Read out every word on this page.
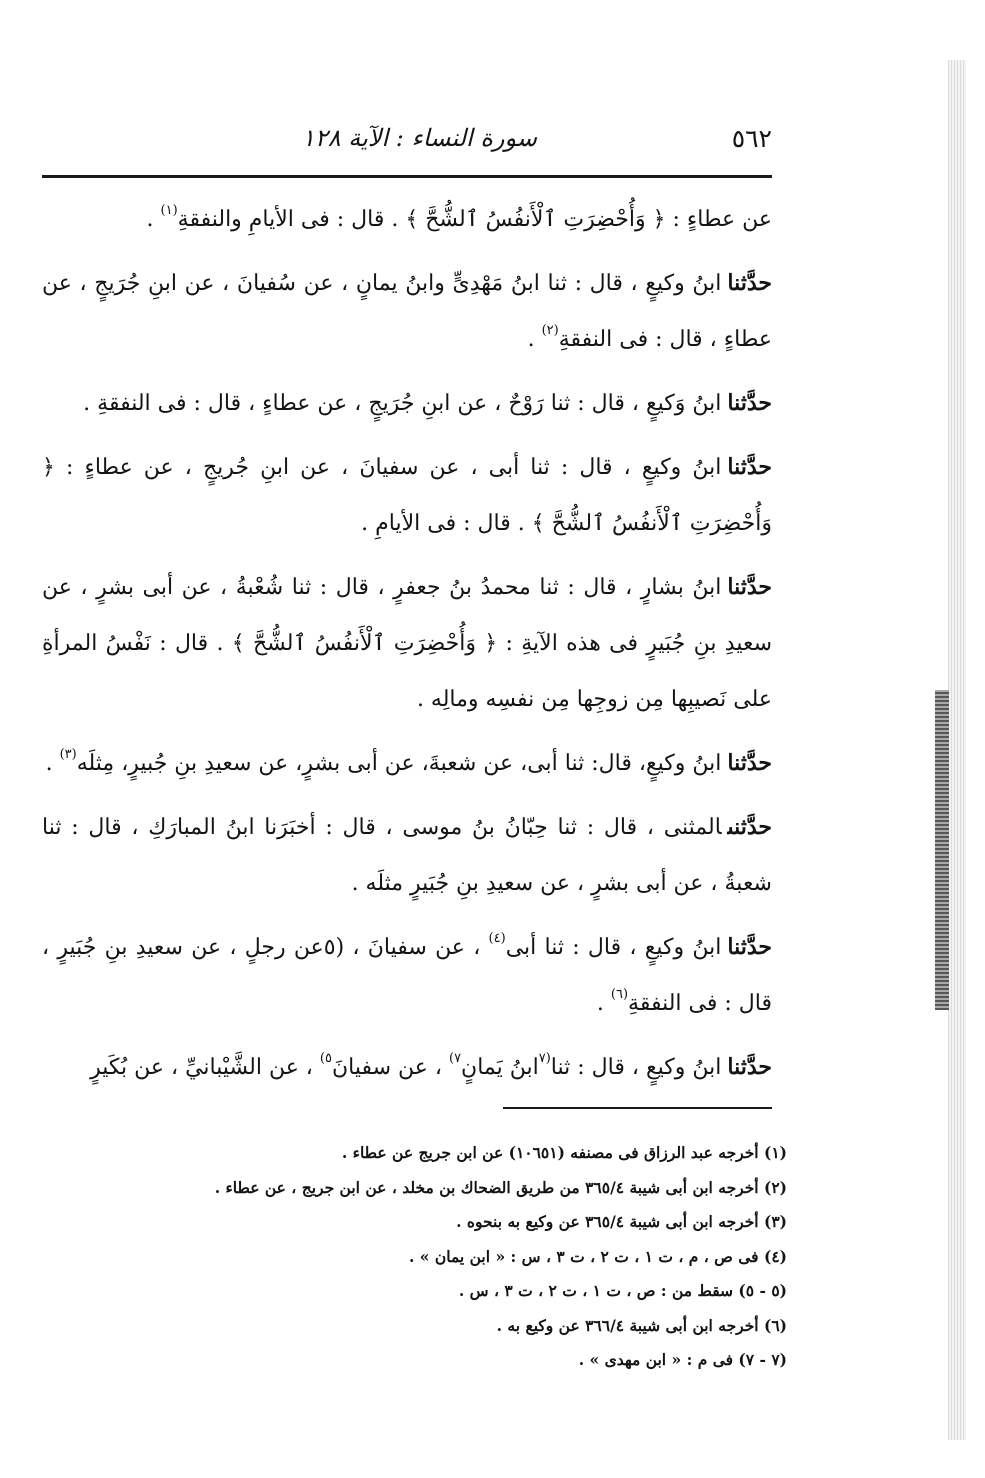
٥٦٢
سورة النساء : الآية ١٢٨

عن عطاءٍ : ﴿ وَأُحْضِرَتِ ٱلْأَنفُسُ ٱلشُّحَّ ﴾ . قال : فى الأيامِ والنفقةِ$^{(١)}$ .

حدَّثناابنُ وكيعٍ ، قال : ثنا ابنُ مَهْدِىٍّ وابنُ يمانٍ ، عن سُفيانَ ، عن ابنِ جُرَيجٍ ، عن عطاءٍ ، قال : فى النفقةِ$^{(٢)}$ .

حدَّثناابنُ وَكيعٍ ، قال : ثنا رَوْحٌ ، عن ابنِ جُرَيجٍ ، عن عطاءٍ ، قال : فى النفقةِ .

حدَّثناابنُ وكيعٍ ، قال : ثنا أبى ، عن سفيانَ ، عن ابنِ جُريجٍ ، عن عطاءٍ : ﴿ وَأُحْضِرَتِ ٱلْأَنفُسُ ٱلشُّحَّ ﴾ . قال : فى الأيامِ .

حدَّثناابنُ بشارٍ ، قال : ثنا محمدُ بنُ جعفرٍ ، قال : ثنا شُعْبةُ ، عن أبى بشرٍ ، عن سعيدِ بنِ جُبَيرٍ فى هذه الآيةِ : ﴿ وَأُحْضِرَتِ ٱلْأَنفُسُ ٱلشُّحَّ ﴾ . قال : نَفْسُ المرأةِ على نَصيبِها مِن زوجِها مِن نفسِه ومالِه .

حدَّثناابنُ وكيعٍ، قال: ثنا أبى، عن شعبةَ، عن أبى بشرٍ، عن سعيدِ بنِ جُبيرٍ، مِثلَه$^{(٣)}$ .

حدَّثنىالمثنى ، قال : ثنا حِبّانُ بنُ موسى ، قال : أخبَرَنا ابنُ المبارَكِ ، قال : ثنا شعبةُ ، عن أبى بشرٍ ، عن سعيدِ بنِ جُبَيرٍ مثلَه .

حدَّثناابنُ وكيعٍ ، قال : ثنا أبى$^{(٤)}$ ، عن سفيانَ ، (٥عن رجلٍ ، عن سعيدِ بنِ جُبَيرٍ ، قال : فى النفقةِ$^{(٦)}$ .

حدَّثناابنُ وكيعٍ ، قال : ثنا$^{(٧}$ابنُ يَمانٍ$^{٧)}$ ، عن سفيانَ$^{٥)}$ ، عن الشَّيْبانيِّ ، عن بُكَيرٍ

(١) أخرجه عبد الرزاق فى مصنفه (١٠٦٥١) عن ابن جريج عن عطاء .
(٢) أخرجه ابن أبى شيبة ٣٦٥/٤ من طريق الضحاك بن مخلد ، عن ابن جريج ، عن عطاء .
(٣) أخرجه ابن أبى شيبة ٣٦٥/٤ عن وكيع به بنحوه .
(٤) فى ص ، م ، ت ١ ، ت ٢ ، ت ٣ ، س : « ابن يمان » .
(٥ - ٥) سقط من : ص ، ت ١ ، ت ٢ ، ت ٣ ، س .
(٦) أخرجه ابن أبى شيبة ٣٦٦/٤ عن وكيع به .
(٧ - ٧) فى م : « ابن مهدى » .
